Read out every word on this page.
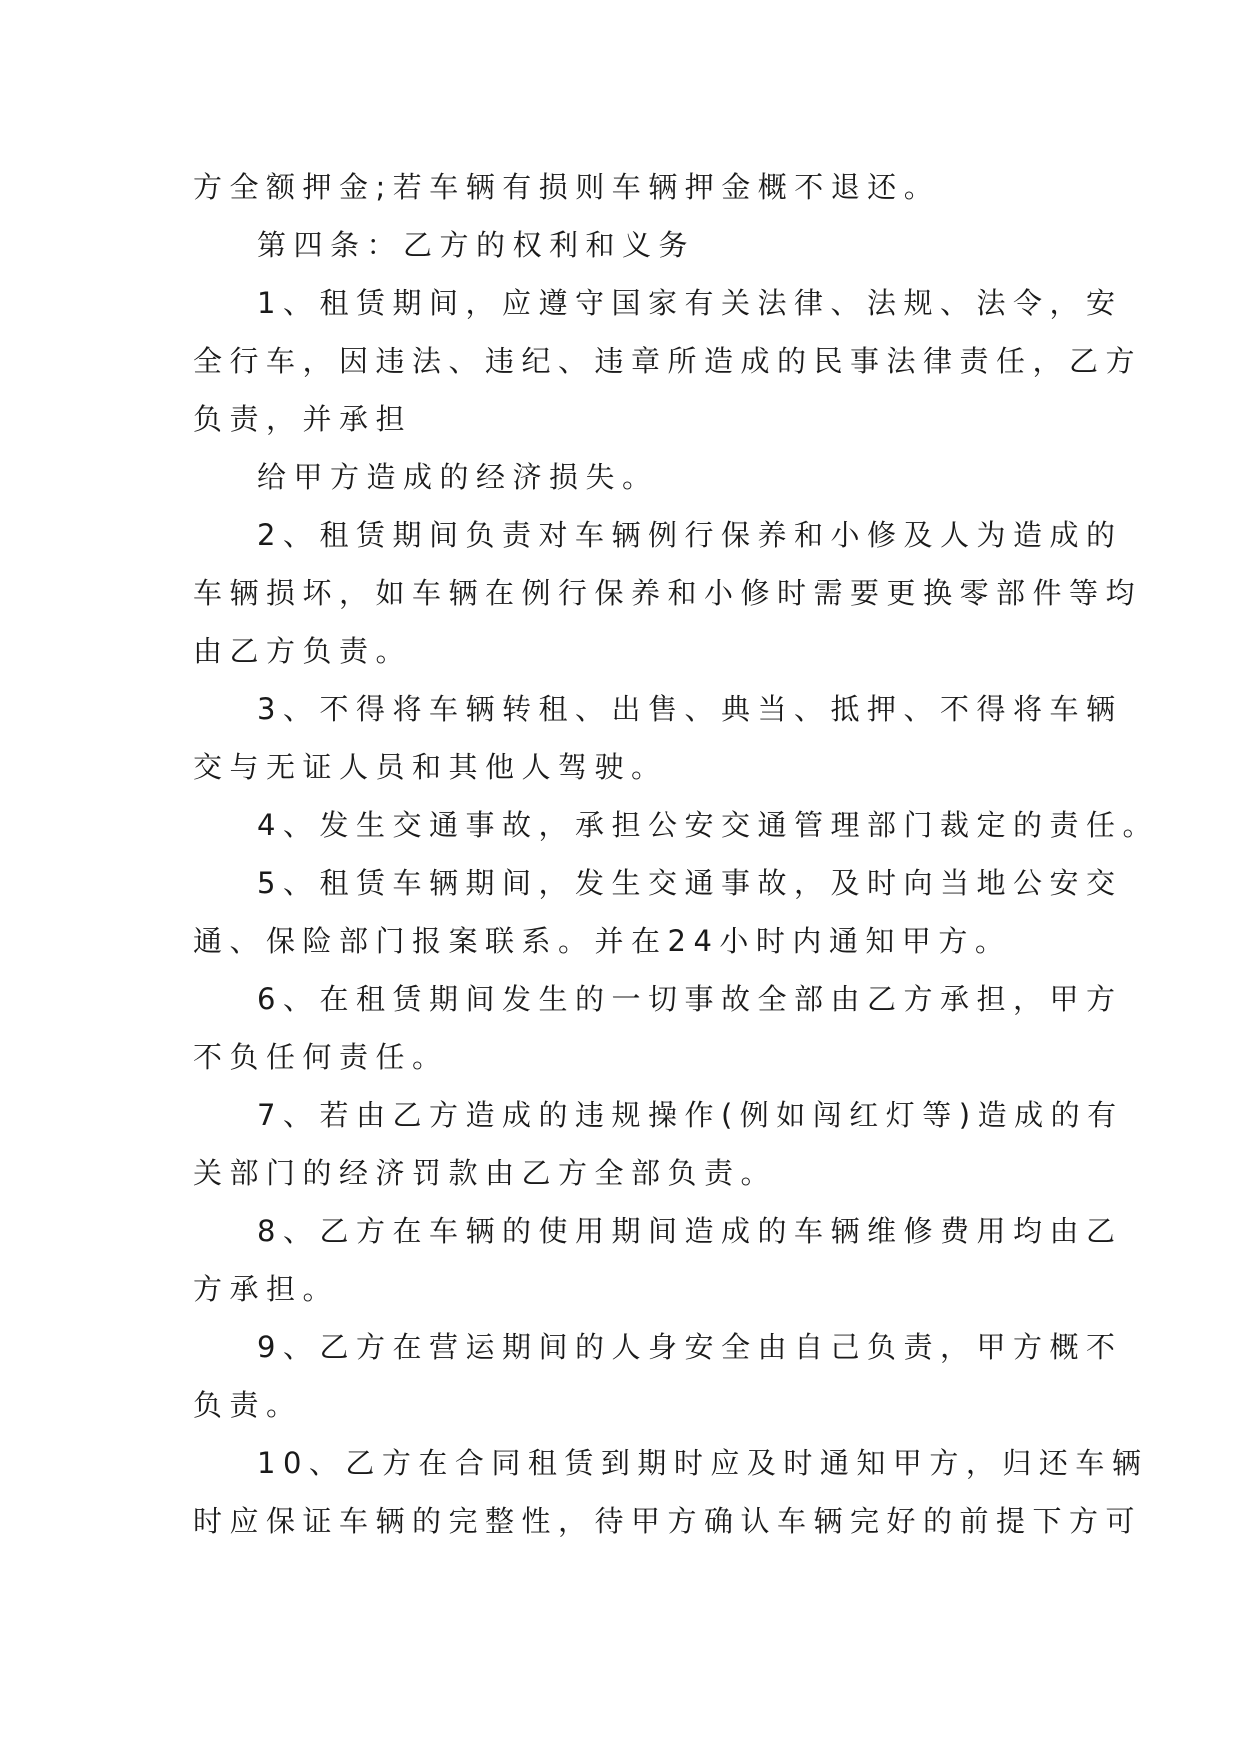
方全额押金;若车辆有损则车辆押金概不退还。
第四条：乙方的权利和义务
1、租赁期间，应遵守国家有关法律、法规、法令，安
全行车，因违法、违纪、违章所造成的民事法律责任，乙方
负责，并承担
给甲方造成的经济损失。
2、租赁期间负责对车辆例行保养和小修及人为造成的
车辆损坏，如车辆在例行保养和小修时需要更换零部件等均
由乙方负责。
3、不得将车辆转租、出售、典当、抵押、不得将车辆
交与无证人员和其他人驾驶。
4、发生交通事故，承担公安交通管理部门裁定的责任。
5、租赁车辆期间，发生交通事故，及时向当地公安交
通、保险部门报案联系。并在24小时内通知甲方。
6、在租赁期间发生的一切事故全部由乙方承担，甲方
不负任何责任。
7、若由乙方造成的违规操作(例如闯红灯等)造成的有
关部门的经济罚款由乙方全部负责。
8、乙方在车辆的使用期间造成的车辆维修费用均由乙
方承担。
9、乙方在营运期间的人身安全由自己负责，甲方概不
负责。
10、乙方在合同租赁到期时应及时通知甲方，归还车辆
时应保证车辆的完整性，待甲方确认车辆完好的前提下方可
